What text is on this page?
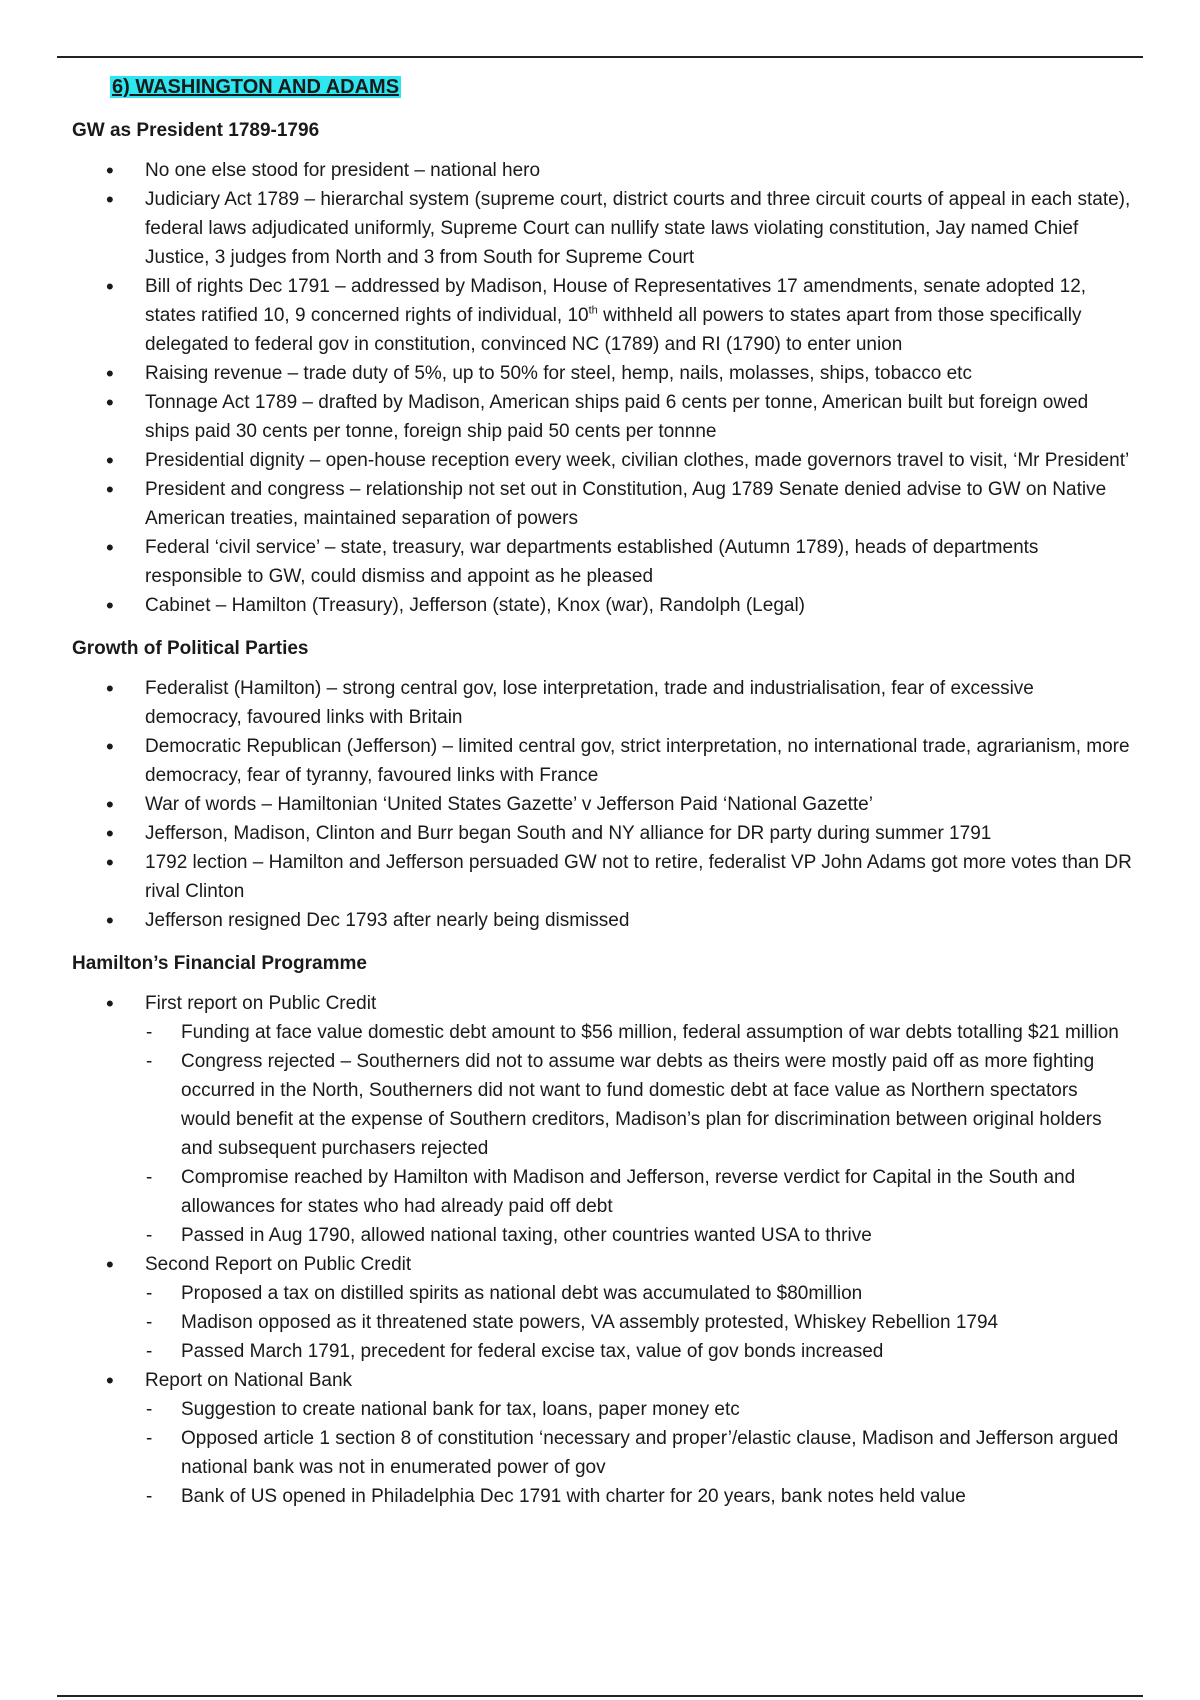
6) WASHINGTON AND ADAMS

GW as President 1789-1796
• No one else stood for president – national hero
• Judiciary Act 1789 – hierarchal system (supreme court, district courts and three circuit courts of appeal in each state), federal laws adjudicated uniformly, Supreme Court can nullify state laws violating constitution, Jay named Chief Justice, 3 judges from North and 3 from South for Supreme Court
• Bill of rights Dec 1791 – addressed by Madison, House of Representatives 17 amendments, senate adopted 12, states ratified 10, 9 concerned rights of individual, 10th withheld all powers to states apart from those specifically delegated to federal gov in constitution, convinced NC (1789) and RI (1790) to enter union
• Raising revenue – trade duty of 5%, up to 50% for steel, hemp, nails, molasses, ships, tobacco etc
• Tonnage Act 1789 – drafted by Madison, American ships paid 6 cents per tonne, American built but foreign owed ships paid 30 cents per tonne, foreign ship paid 50 cents per tonnne
• Presidential dignity – open-house reception every week, civilian clothes, made governors travel to visit, ‘Mr President’
• President and congress – relationship not set out in Constitution, Aug 1789 Senate denied advise to GW on Native American treaties, maintained separation of powers
• Federal ‘civil service’ – state, treasury, war departments established (Autumn 1789), heads of departments responsible to GW, could dismiss and appoint as he pleased
• Cabinet – Hamilton (Treasury), Jefferson (state), Knox (war), Randolph (Legal)
Growth of Political Parties
• Federalist (Hamilton) – strong central gov, lose interpretation, trade and industrialisation, fear of excessive democracy, favoured links with Britain
• Democratic Republican (Jefferson) – limited central gov, strict interpretation, no international trade, agrarianism, more democracy, fear of tyranny, favoured links with France
• War of words – Hamiltonian ‘United States Gazette’ v Jefferson Paid ‘National Gazette’
• Jefferson, Madison, Clinton and Burr began South and NY alliance for DR party during summer 1791
• 1792 lection – Hamilton and Jefferson persuaded GW not to retire, federalist VP John Adams got more votes than DR rival Clinton
• Jefferson resigned Dec 1793 after nearly being dismissed
Hamilton’s Financial Programme
• First report on Public Credit
- Funding at face value domestic debt amount to $56 million, federal assumption of war debts totalling $21 million
- Congress rejected – Southerners did not to assume war debts as theirs were mostly paid off as more fighting occurred in the North, Southerners did not want to fund domestic debt at face value as Northern spectators would benefit at the expense of Southern creditors, Madison’s plan for discrimination between original holders and subsequent purchasers rejected
- Compromise reached by Hamilton with Madison and Jefferson, reverse verdict for Capital in the South and allowances for states who had already paid off debt
- Passed in Aug 1790, allowed national taxing, other countries wanted USA to thrive
• Second Report on Public Credit
- Proposed a tax on distilled spirits as national debt was accumulated to $80million
- Madison opposed as it threatened state powers, VA assembly protested, Whiskey Rebellion 1794
- Passed March 1791, precedent for federal excise tax, value of gov bonds increased
• Report on National Bank
- Suggestion to create national bank for tax, loans, paper money etc
- Opposed article 1 section 8 of constitution ‘necessary and proper’/elastic clause, Madison and Jefferson argued national bank was not in enumerated power of gov
- Bank of US opened in Philadelphia Dec 1791 with charter for 20 years, bank notes held value
